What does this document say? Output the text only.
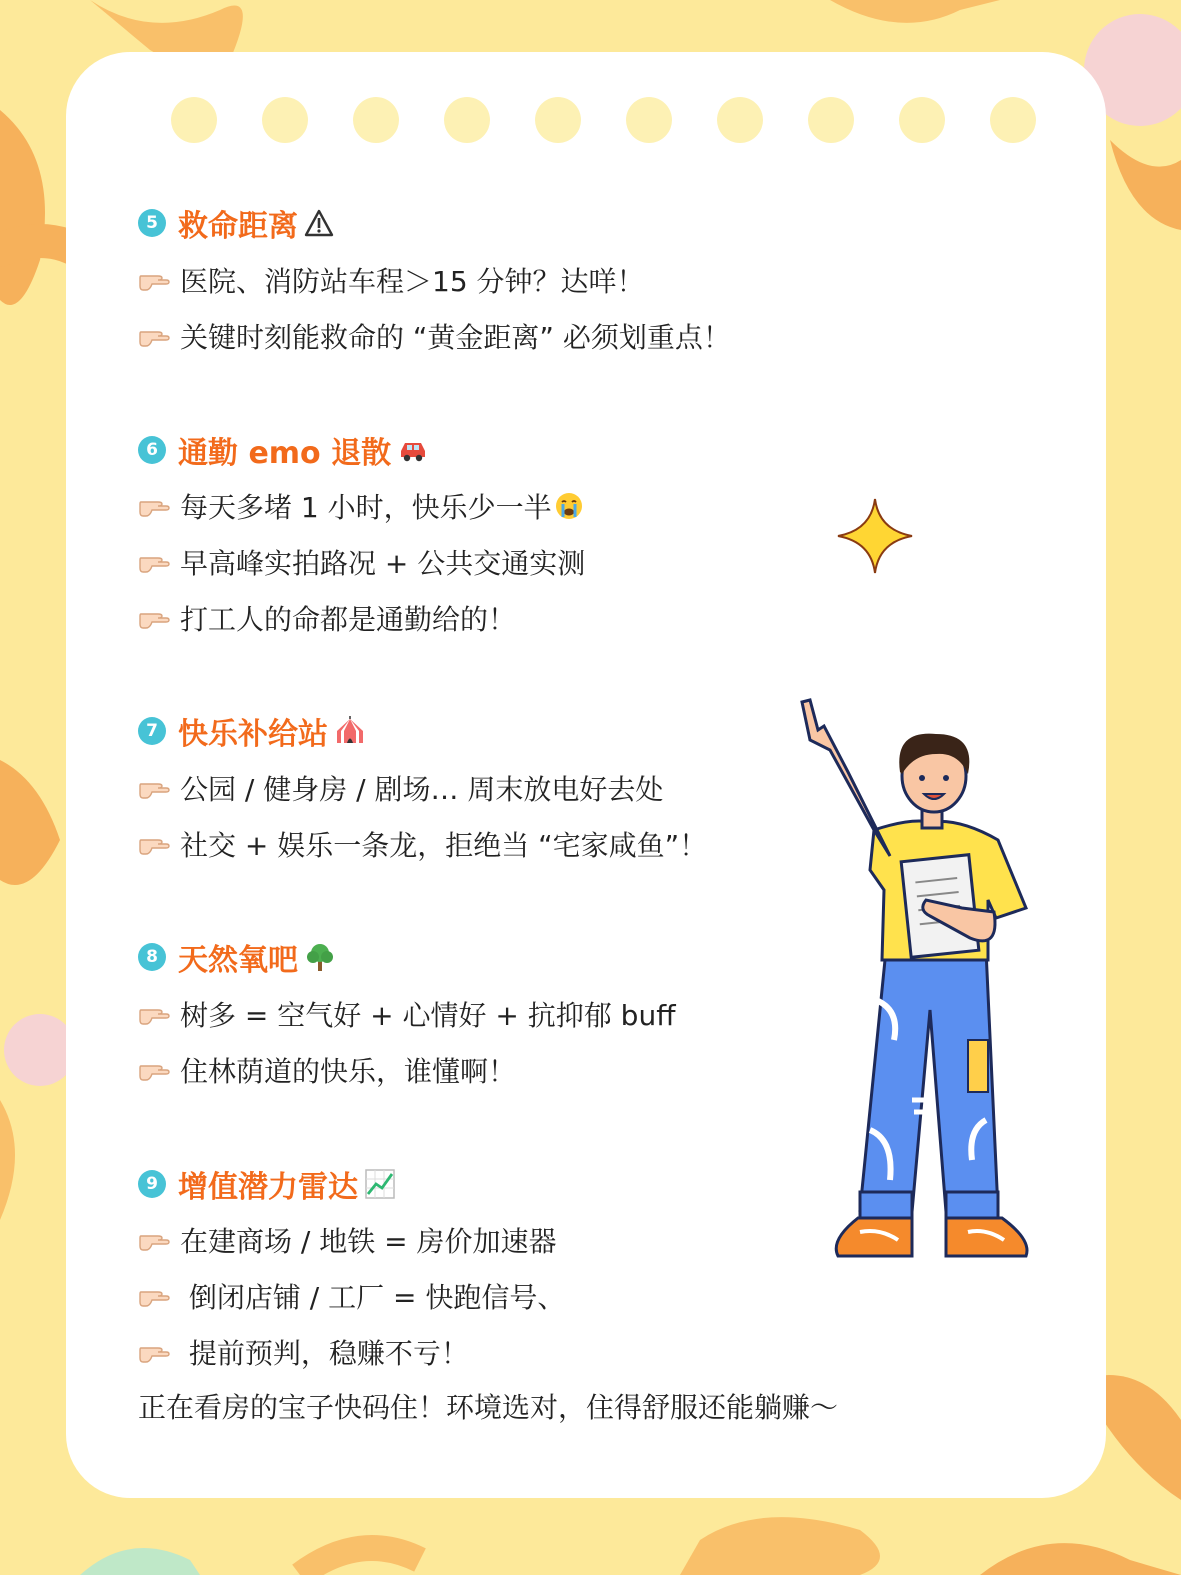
5 救命距离
医院、消防站车程＞15 分钟？达咩！
关键时刻能救命的 “黄金距离” 必须划重点！
6 通勤 emo 退散
每天多堵 1 小时，快乐少一半
早高峰实拍路况 + 公共交通实测
打工人的命都是通勤给的！
7 快乐补给站
公园 / 健身房 / 剧场… 周末放电好去处
社交 + 娱乐一条龙，拒绝当 “宅家咸鱼”！
8 天然氧吧
树多 = 空气好 + 心情好 + 抗抑郁 buff
住林荫道的快乐，谁懂啊！
9 增值潜力雷达
在建商场 / 地铁 = 房价加速器
倒闭店铺 / 工厂 = 快跑信号、
提前预判，稳赚不亏！
正在看房的宝子快码住！环境选对，住得舒服还能躺赚～
